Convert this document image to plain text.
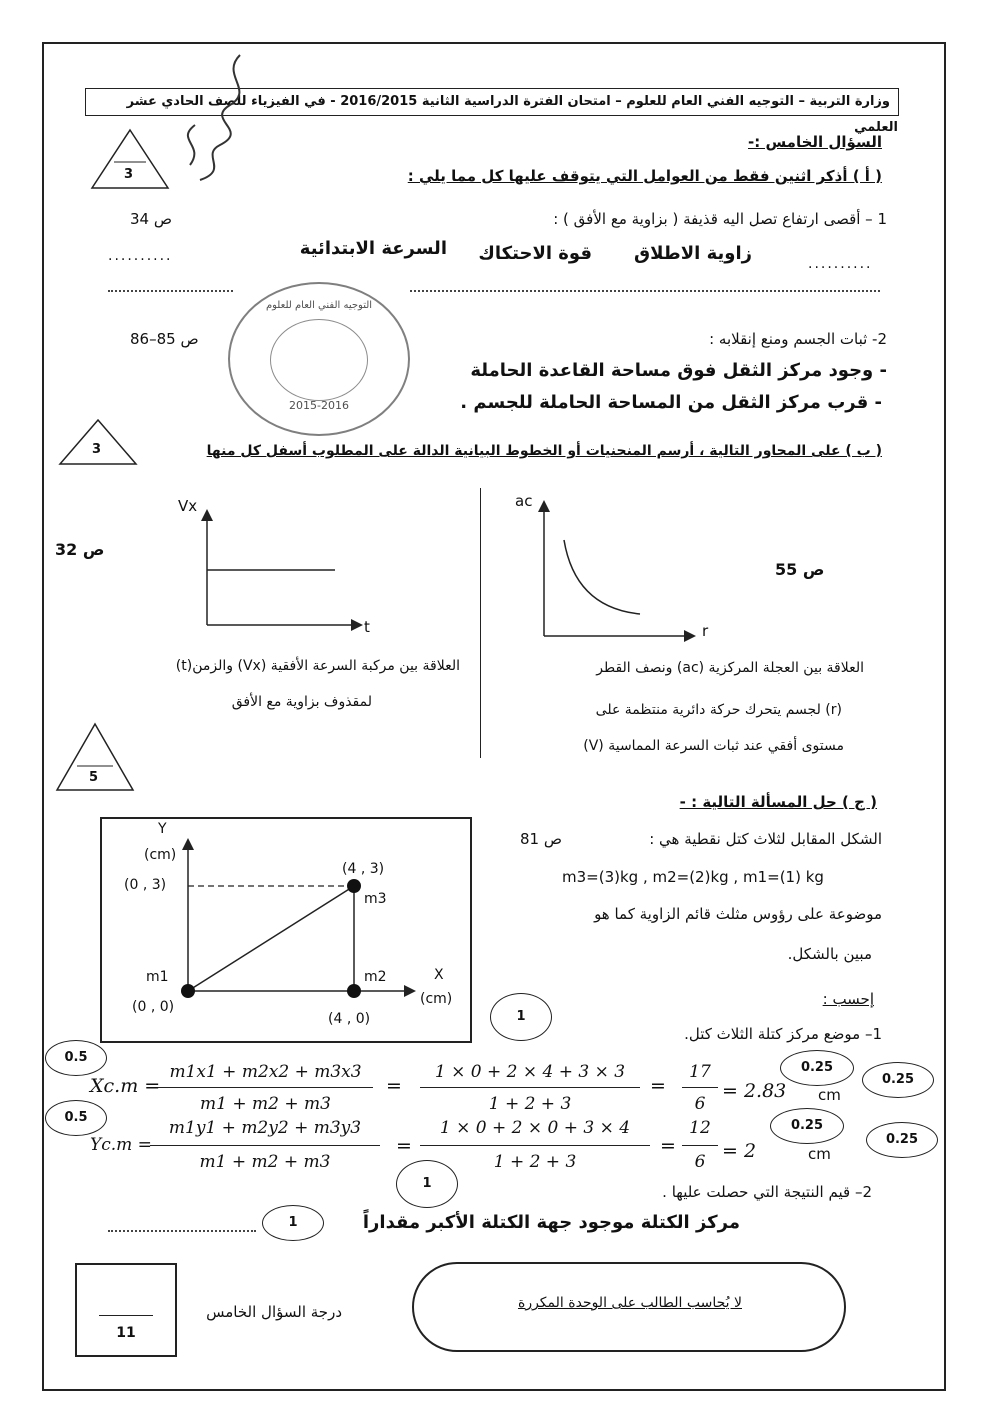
وزارة التربية – التوجيه الفني العام للعلوم – امتحان الفترة الدراسية الثانية 2016/2015 - في الفيزياء للصف الحادي عشر العلمي
السؤال الخامس :-
3	( أ ) أذكر اثنين فقط من العوامل التي يتوقف عليها كل مما يلي :
1 – أقصى ارتفاع تصل اليه قذيفة ( بزاوية مع الأفق ) :
ص 34
زاوية الاطلاق
قوة الاحتكاك
السرعة الابتدائية
..........	..........
2- ثبات الجسم ومنع إنقلابه :
ص 85–86
- وجود مركز الثقل فوق مساحة القاعدة الحاملة
- قرب مركز الثقل من المساحة الحاملة للجسم .
التوجيه الفني العام للعلوم
2015-2016
3	( ب ) على المحاور التالية ، أرسم المنحنيات أو الخطوط البيانية الدالة على المطلوب أسفل كل منها
Vx
t
ص 32
العلاقة بين مركبة السرعة الأفقية (Vx) والزمن(t)
لمقذوف بزاوية مع الأفق
ac
r
ص 55
العلاقة بين العجلة المركزية (ac) ونصف القطر
(r) لجسم يتحرك حركة دائرية منتظمة على
مستوى أفقي عند ثبات السرعة المماسية (V)
5
( ج ) حل المسألة التالية : -
الشكل المقابل لثلاث كتل نقطية هي :
ص 81
m3=(3)kg , m2=(2)kg , m1=(1) kg
موضوعة على رؤوس مثلث قائم الزاوية كما هو
مبين بالشكل.
إحسب :
1– موضع مركز كتلة الثلاث كتل.
Y
(cm)
X
(cm)
(0 , 0)
(4 , 0)
(4 , 3)
(0 , 3)
m1	m2
m3
1
Xc.m =
m1x1 + m2x2 + m3x3
m1 + m2 + m3
=
1 × 0 + 2 × 4 + 3 × 3
1 + 2 + 3
=
17
6
= 2.83 cm
Yc.m =
m1y1 + m2y2 + m3y3
m1 + m2 + m3
=
1 × 0 + 2 × 0 + 3 × 4
1 + 2 + 3
=
12
6 = 2	cm
0.5
0.5
0.25
0.25
0.25
0.25
1	2– قيم النتيجة التي حصلت عليها .
مركز الكتلة موجود جهة الكتلة الأكبر مقداراً
1
11
درجة السؤال الخامس	لا يُحاسب الطالب على الوحدة المكررة
